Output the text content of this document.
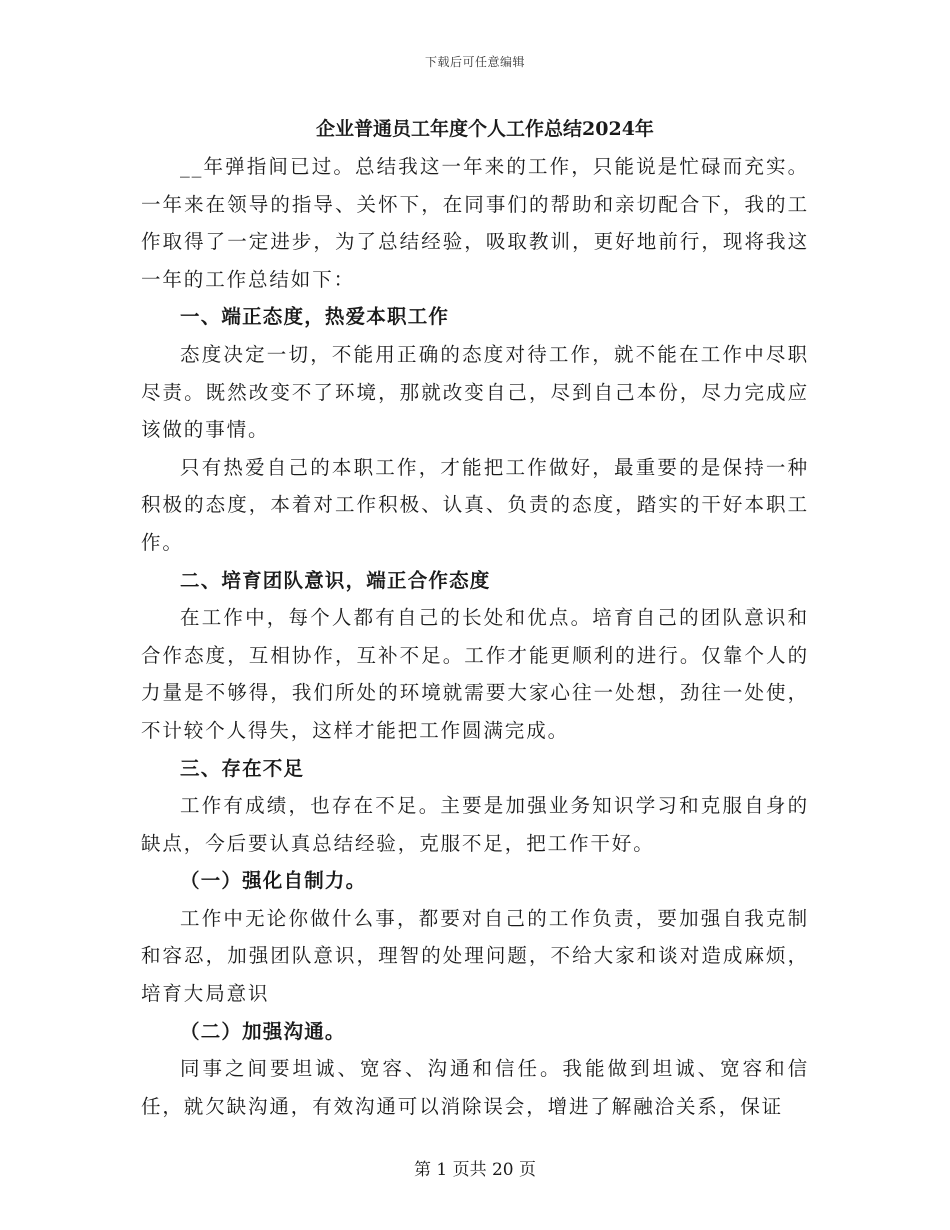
下载后可任意编辑
企业普通员工年度个人工作总结2024年

__年弹指间已过。总结我这一年来的工作，只能说是忙碌而充实。一年来在领导的指导、关怀下，在同事们的帮助和亲切配合下，我的工作取得了一定进步，为了总结经验，吸取教训，更好地前行，现将我这一年的工作总结如下：

一、端正态度，热爱本职工作

态度决定一切，不能用正确的态度对待工作，就不能在工作中尽职尽责。既然改变不了环境，那就改变自己，尽到自己本份，尽力完成应该做的事情。

只有热爱自己的本职工作，才能把工作做好，最重要的是保持一种积极的态度，本着对工作积极、认真、负责的态度，踏实的干好本职工作。

二、培育团队意识，端正合作态度

在工作中，每个人都有自己的长处和优点。培育自己的团队意识和合作态度，互相协作，互补不足。工作才能更顺利的进行。仅靠个人的力量是不够得，我们所处的环境就需要大家心往一处想，劲往一处使，不计较个人得失，这样才能把工作圆满完成。

三、存在不足

工作有成绩，也存在不足。主要是加强业务知识学习和克服自身的缺点，今后要认真总结经验，克服不足，把工作干好。

（一）强化自制力。

工作中无论你做什么事，都要对自己的工作负责，要加强自我克制和容忍，加强团队意识，理智的处理问题，不给大家和谈对造成麻烦，培育大局意识

（二）加强沟通。

同事之间要坦诚、宽容、沟通和信任。我能做到坦诚、宽容和信任，就欠缺沟通，有效沟通可以消除误会，增进了解融洽关系，保证

第 1 页共 20 页
